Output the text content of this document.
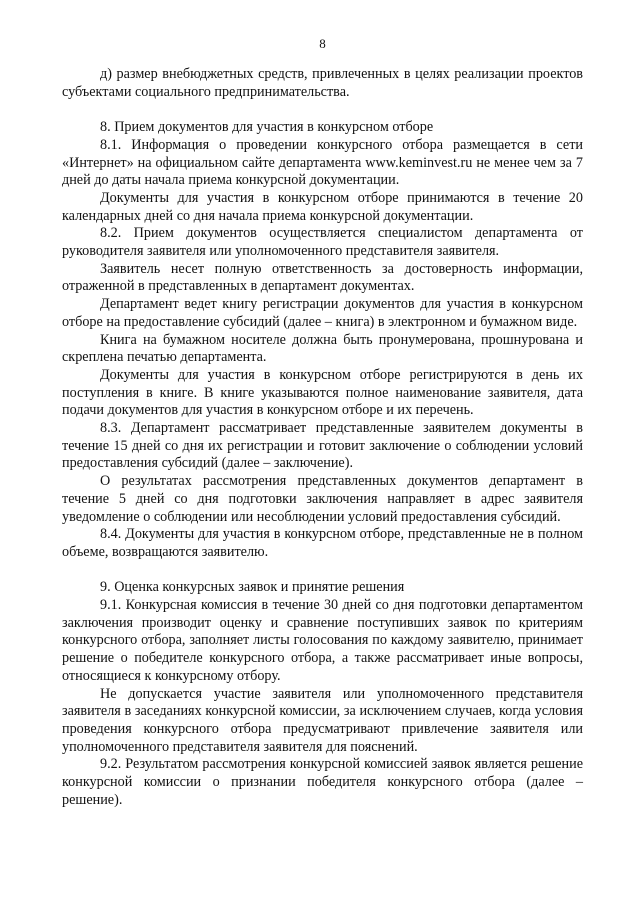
8

д) размер внебюджетных средств, привлеченных в целях реализации проектов субъектами социального предпринимательства.

8. Прием документов для участия в конкурсном отборе

8.1. Информация о проведении конкурсного отбора размещается в сети «Интернет» на официальном сайте департамента www.keminvest.ru не менее чем за 7 дней до даты начала приема конкурсной документации.

Документы для участия в конкурсном отборе принимаются в течение 20 календарных дней со дня начала приема конкурсной документации.

8.2. Прием документов осуществляется специалистом департамента от руководителя заявителя или уполномоченного представителя заявителя.

Заявитель несет полную ответственность за достоверность информации, отраженной в представленных в департамент документах.

Департамент ведет книгу регистрации документов для участия в конкурсном отборе на предоставление субсидий (далее – книга) в электронном и бумажном виде.

Книга на бумажном носителе должна быть пронумерована, прошнурована и скреплена печатью департамента.

Документы для участия в конкурсном отборе регистрируются в день их поступления в книге. В книге указываются полное наименование заявителя, дата подачи документов для участия в конкурсном отборе и их перечень.

8.3. Департамент рассматривает представленные заявителем документы в течение 15 дней со дня их регистрации и готовит заключение о соблюдении условий предоставления субсидий (далее – заключение).

О результатах рассмотрения представленных документов департамент в течение 5 дней со дня подготовки заключения направляет в адрес заявителя уведомление о соблюдении или несоблюдении условий предоставления субсидий.

8.4. Документы для участия в конкурсном отборе, представленные не в полном объеме, возвращаются заявителю.

9. Оценка конкурсных заявок и принятие решения

9.1. Конкурсная комиссия в течение 30 дней со дня подготовки департаментом заключения производит оценку и сравнение поступивших заявок по критериям конкурсного отбора, заполняет листы голосования по каждому заявителю, принимает решение о победителе конкурсного отбора, а также рассматривает иные вопросы, относящиеся к конкурсному отбору.

Не допускается участие заявителя или уполномоченного представителя заявителя в заседаниях конкурсной комиссии, за исключением случаев, когда условия проведения конкурсного отбора предусматривают привлечение заявителя или уполномоченного представителя заявителя для пояснений.

9.2. Результатом рассмотрения конкурсной комиссией заявок является решение конкурсной комиссии о признании победителя конкурсного отбора (далее – решение).
